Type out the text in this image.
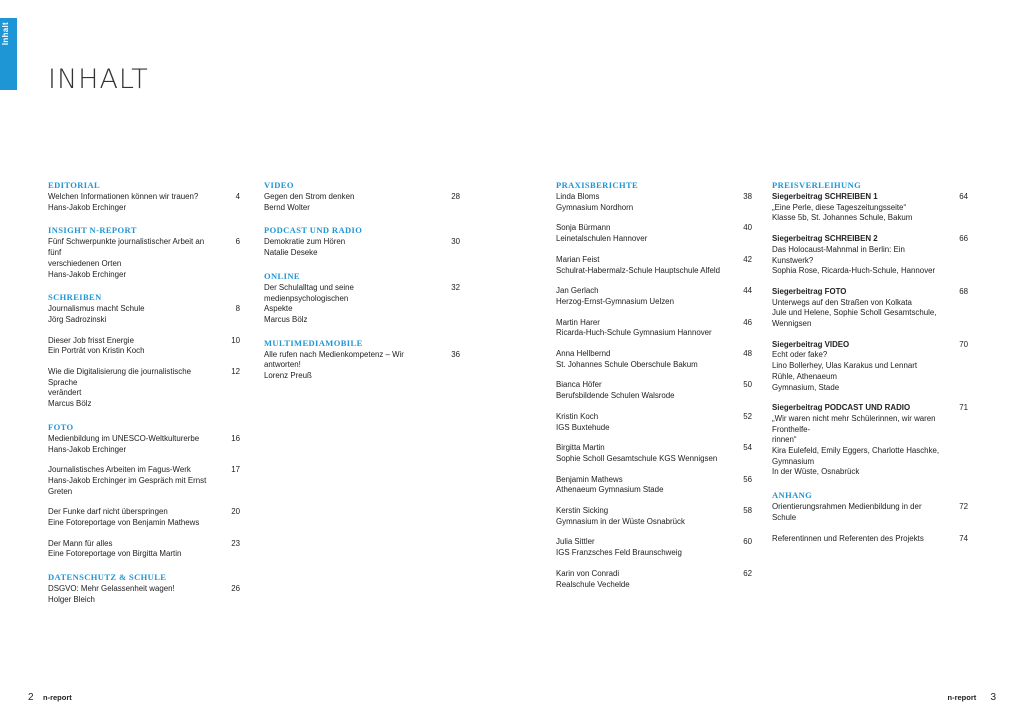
Inhalt
INHALT
EDITORIAL
Welchen Informationen können wir trauen?
Hans-Jakob Erchinger
4
INSIGHT N-REPORT
Fünf Schwerpunkte journalistischer Arbeit an fünf
verschiedenen Orten
Hans-Jakob Erchinger
6
SCHREIBEN
Journalismus macht Schule
Jörg Sadrozinski
8
Dieser Job frisst Energie
Ein Porträt von Kristin Koch
10
Wie die Digitalisierung die journalistische Sprache
verändert
Marcus Bölz
12
FOTO
Medienbildung im UNESCO-Weltkulturerbe
Hans-Jakob Erchinger
16
Journalistisches Arbeiten im Fagus-Werk
Hans-Jakob Erchinger im Gespräch mit Ernst Greten
17
Der Funke darf nicht überspringen
Eine Fotoreportage von Benjamin Mathews
20
Der Mann für alles
Eine Fotoreportage von Birgitta Martin
23
DATENSCHUTZ & SCHULE
DSGVO: Mehr Gelassenheit wagen!
Holger Bleich
26
VIDEO
Gegen den Strom denken
Bernd Wolter
28
PODCAST UND RADIO
Demokratie zum Hören
Natalie Deseke
30
ONLINE
Der Schulalltag und seine medienpsychologischen
Aspekte
Marcus Bölz
32
MULTIMEDIAMOBILE
Alle rufen nach Medienkompetenz – Wir antworten!
Lorenz Preuß
36
PRAXISBERICHTE
Linda Bloms
Gymnasium Nordhorn
38
Sonja Bürmann
Leinetalschulen Hannover
40
Marian Feist
Schulrat-Habermalz-Schule Hauptschule Alfeld
42
Jan Gerlach
Herzog-Ernst-Gymnasium Uelzen
44
Martin Harer
Ricarda-Huch-Schule Gymnasium Hannover
46
Anna Hellbernd
St. Johannes Schule Oberschule Bakum
48
Bianca Höfer
Berufsbildende Schulen Walsrode
50
Kristin Koch
IGS Buxtehude
52
Birgitta Martin
Sophie Scholl Gesamtschule KGS Wennigsen
54
Benjamin Mathews
Athenaeum Gymnasium Stade
56
Kerstin Sicking
Gymnasium in der Wüste Osnabrück
58
Julia Sittler
IGS Franzsches Feld Braunschweig
60
Karin von Conradi
Realschule Vechelde
62
PREISVERLEIHUNG
Siegerbeitrag SCHREIBEN 1
„Eine Perle, diese Tageszeitungsseite“
Klasse 5b, St. Johannes Schule, Bakum
64
Siegerbeitrag SCHREIBEN 2
Das Holocaust-Mahnmal in Berlin: Ein Kunstwerk?
Sophia Rose, Ricarda-Huch-Schule, Hannover
66
Siegerbeitrag FOTO
Unterwegs auf den Straßen von Kolkata
Jule und Helene, Sophie Scholl Gesamtschule, Wennigsen
68
Siegerbeitrag VIDEO
Echt oder fake?
Lino Bollerhey, Ulas Karakus und Lennart Rühle, Athenaeum
Gymnasium, Stade
70
Siegerbeitrag PODCAST UND RADIO
„Wir waren nicht mehr Schülerinnen, wir waren Fronthelfe-
rinnen“
Kira Eulefeld, Emily Eggers, Charlotte Haschke, Gymnasium
In der Wüste, Osnabrück
71
ANHANG
Orientierungsrahmen Medienbildung in der Schule
72
Referentinnen und Referenten des Projekts	74
2 n-report	n-report 3
